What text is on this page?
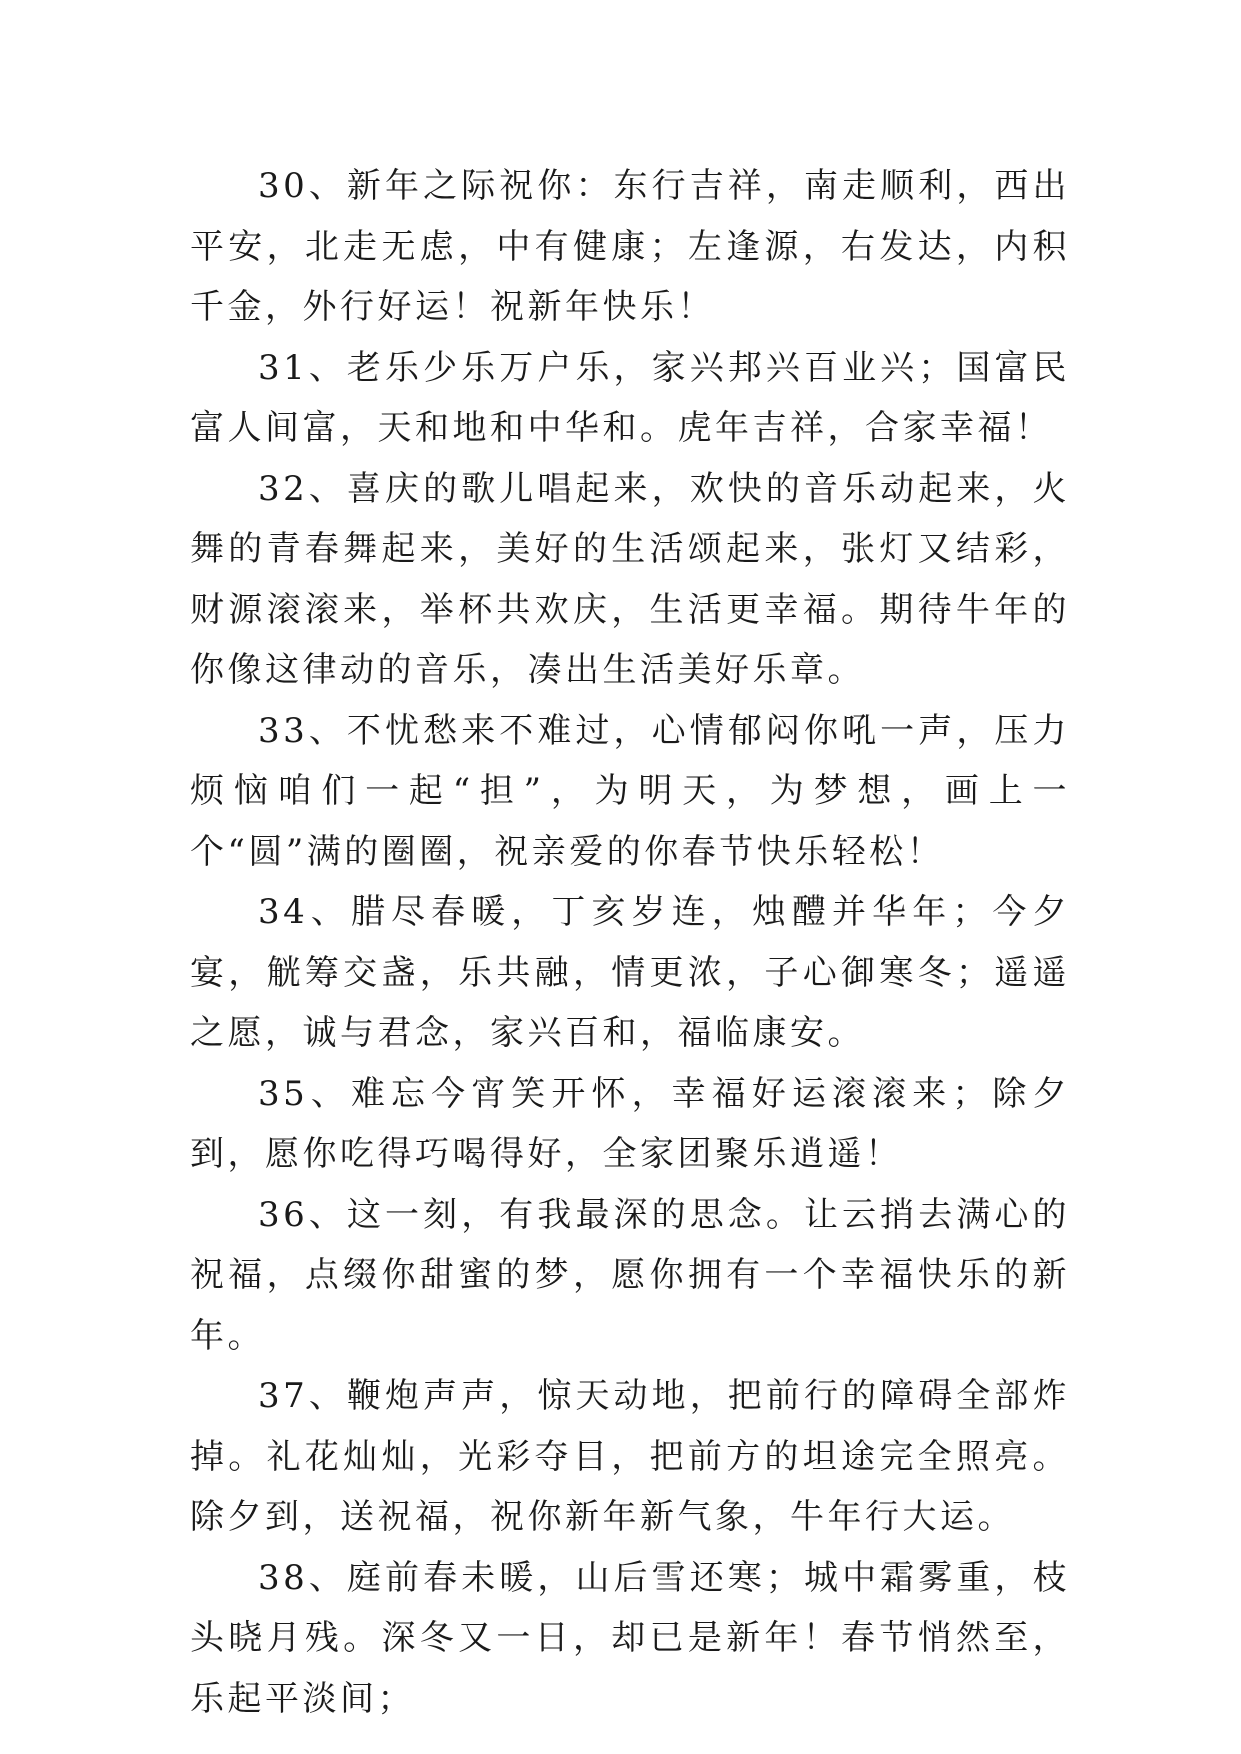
30、新年之际祝你：东行吉祥，南走顺利，西出平安，北走无虑，中有健康；左逢源，右发达，内积千金，外行好运！祝新年快乐！

31、老乐少乐万户乐，家兴邦兴百业兴；国富民富人间富，天和地和中华和。虎年吉祥，合家幸福！

32、喜庆的歌儿唱起来，欢快的音乐动起来，火舞的青春舞起来，美好的生活颂起来，张灯又结彩，财源滚滚来，举杯共欢庆，生活更幸福。期待牛年的你像这律动的音乐，凑出生活美好乐章。

33、不忧愁来不难过，心情郁闷你吼一声，压力烦恼咱们一起“担”，为明天，为梦想，画上一个“圆”满的圈圈，祝亲爱的你春节快乐轻松！

34、腊尽春暖，丁亥岁连，烛醴并华年；今夕宴，觥筹交盏，乐共融，情更浓，子心御寒冬；遥遥之愿，诚与君念，家兴百和，福临康安。

35、难忘今宵笑开怀，幸福好运滚滚来；除夕到，愿你吃得巧喝得好，全家团聚乐逍遥！

36、这一刻，有我最深的思念。让云捎去满心的祝福，点缀你甜蜜的梦，愿你拥有一个幸福快乐的新年。

37、鞭炮声声，惊天动地，把前行的障碍全部炸掉。礼花灿灿，光彩夺目，把前方的坦途完全照亮。除夕到，送祝福，祝你新年新气象，牛年行大运。

38、庭前春未暖，山后雪还寒；城中霜雾重，枝头晓月残。深冬又一日，却已是新年！春节悄然至，乐起平淡间；
